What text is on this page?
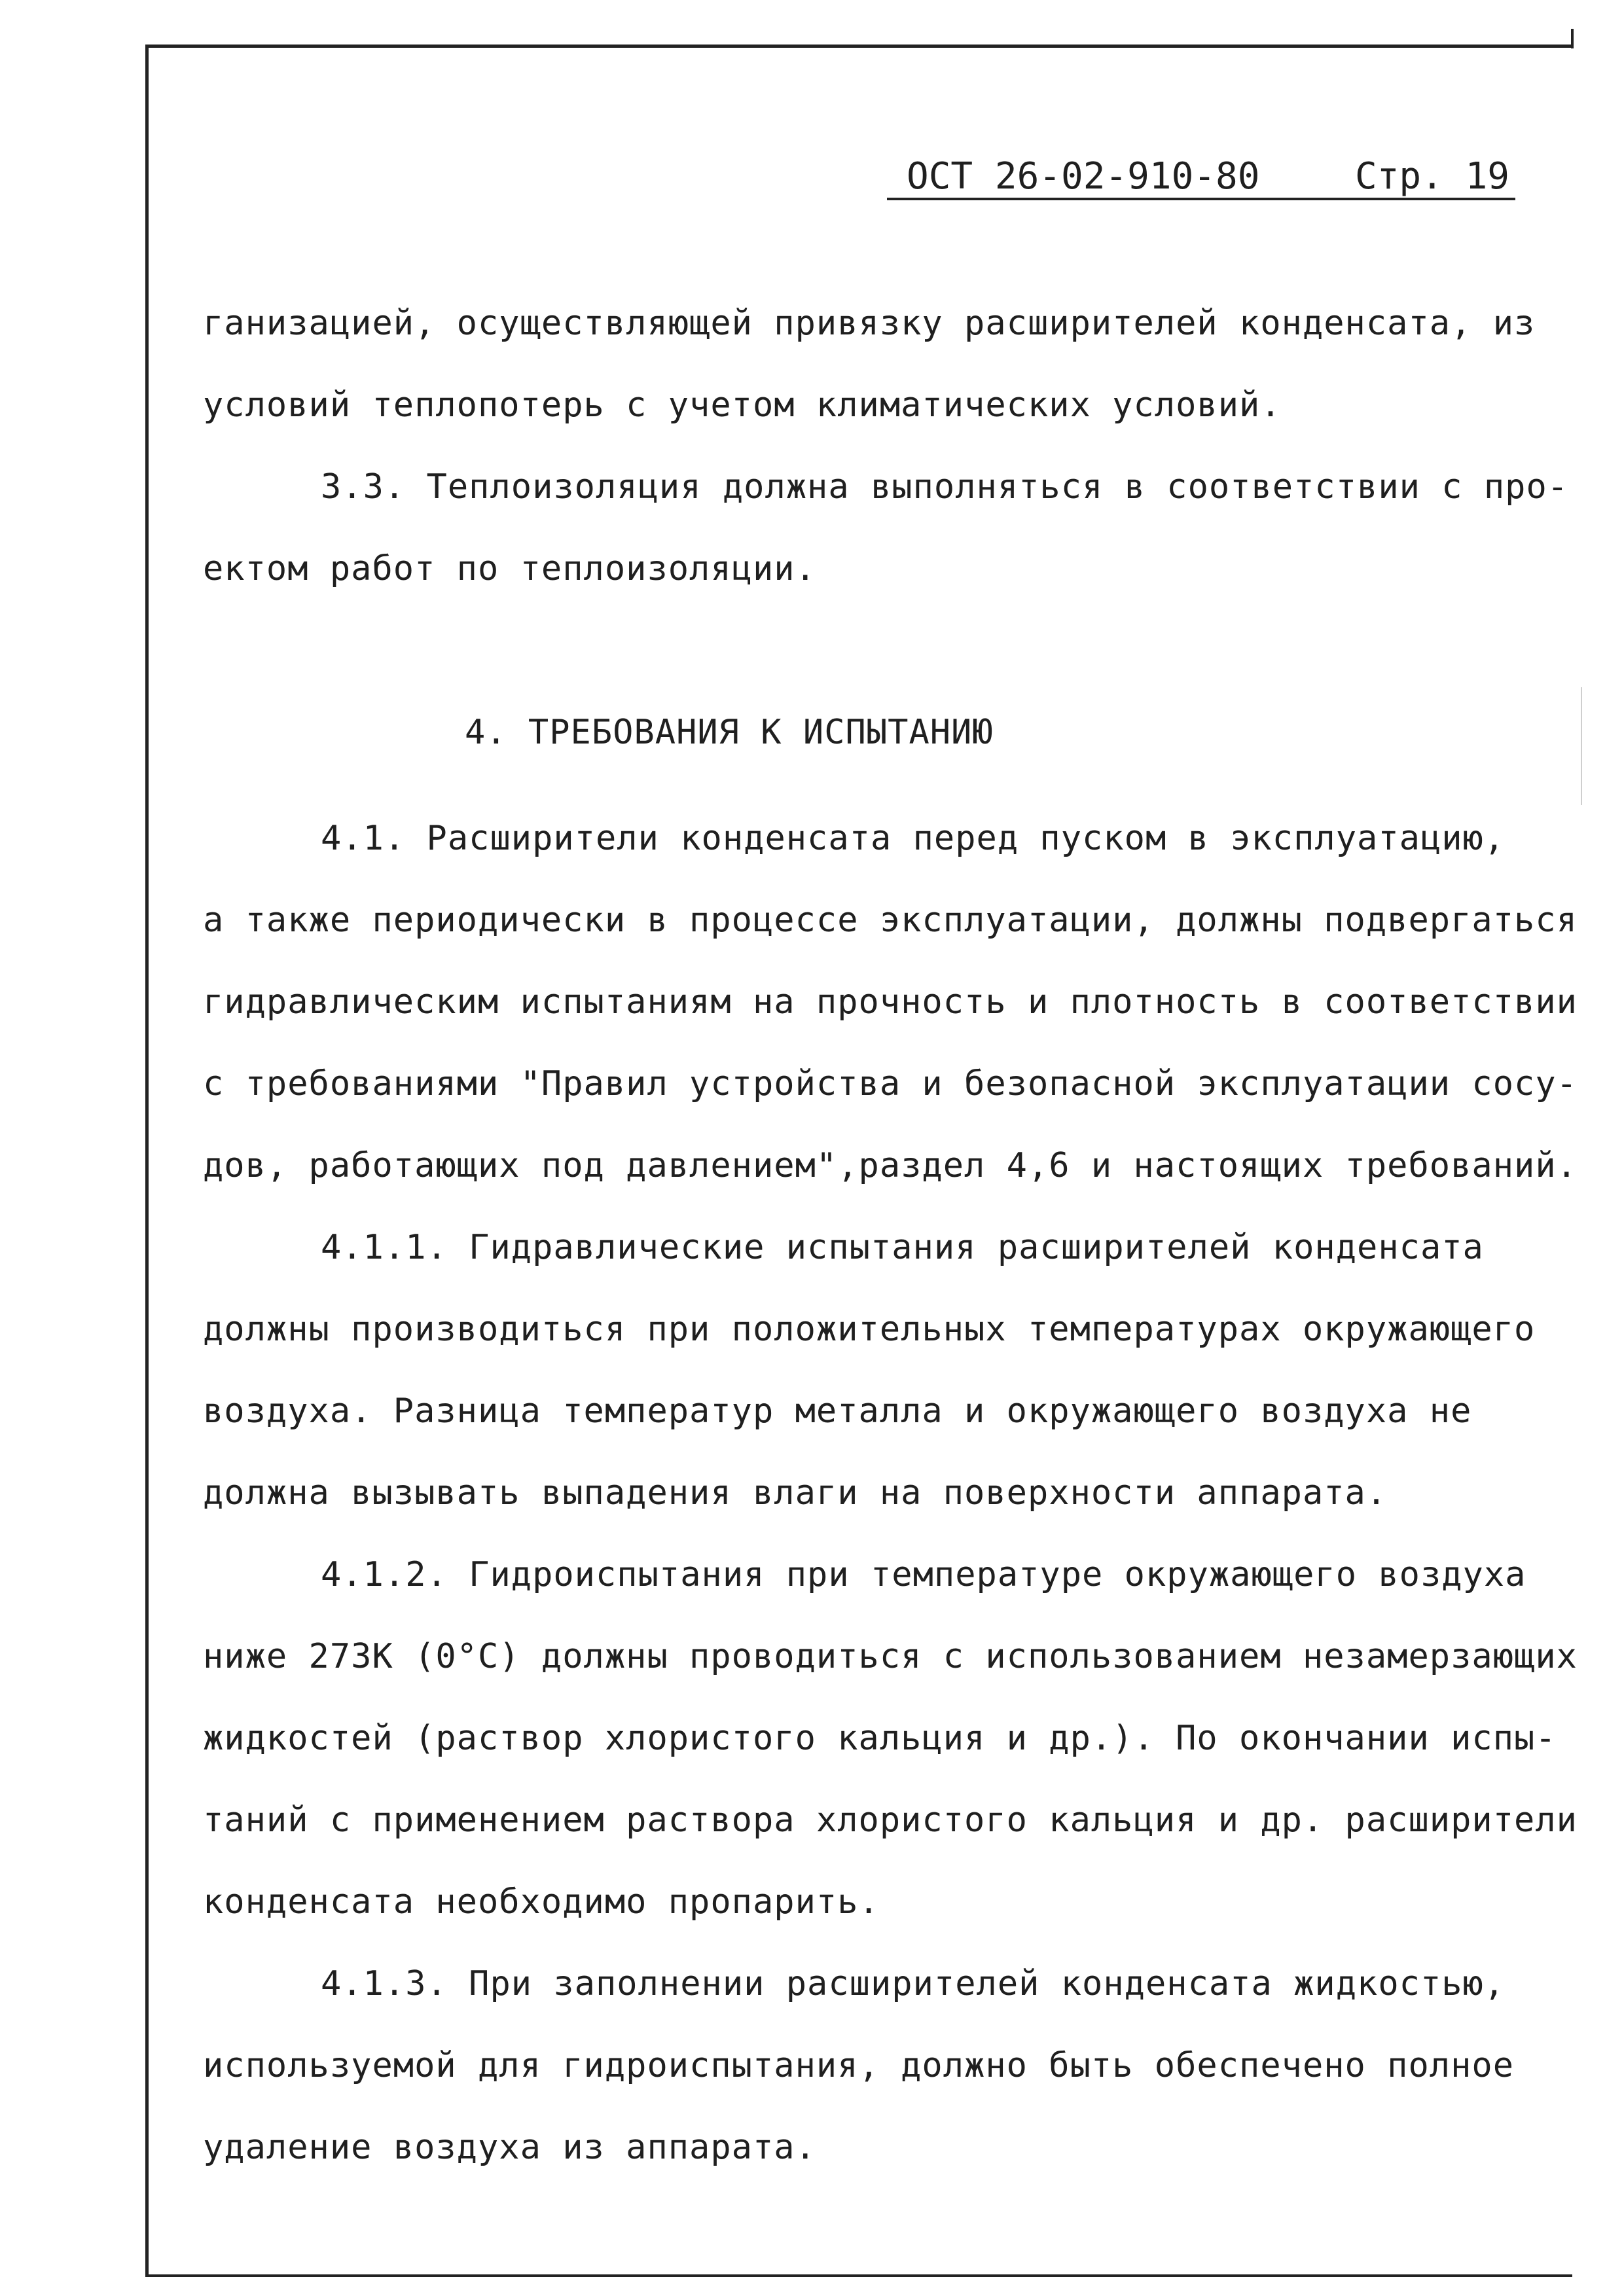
ОСТ 26-02-910-80	Стр. 19
ганизацией, осуществляющей привязку расширителей конденсата, из
условий теплопотерь с учетом климатических условий.
3.3. Теплоизоляция должна выполняться в соответствии с про-
ектом работ по теплоизоляции.
4. ТРЕБОВАНИЯ К ИСПЫТАНИЮ
4.1. Расширители конденсата перед пуском в эксплуатацию,
а также периодически в процессе эксплуатации, должны подвергаться
гидравлическим испытаниям на прочность и плотность в соответствии
с требованиями "Правил устройства и безопасной эксплуатации сосу-
дов, работающих под давлением",раздел 4,6 и настоящих требований.
4.1.1. Гидравлические испытания расширителей конденсата
должны производиться при положительных температурах окружающего
воздуха. Разница температур металла и окружающего воздуха не
должна вызывать выпадения влаги на поверхности аппарата.
4.1.2. Гидроиспытания при температуре окружающего воздуха
ниже 273К (0°С) должны проводиться с использованием незамерзающих
жидкостей (раствор хлористого кальция и др.). По окончании испы-
таний с применением раствора хлористого кальция и др. расширители
конденсата необходимо пропарить.
4.1.3. При заполнении расширителей конденсата жидкостью,
используемой для гидроиспытания, должно быть обеспечено полное
удаление воздуха из аппарата.
